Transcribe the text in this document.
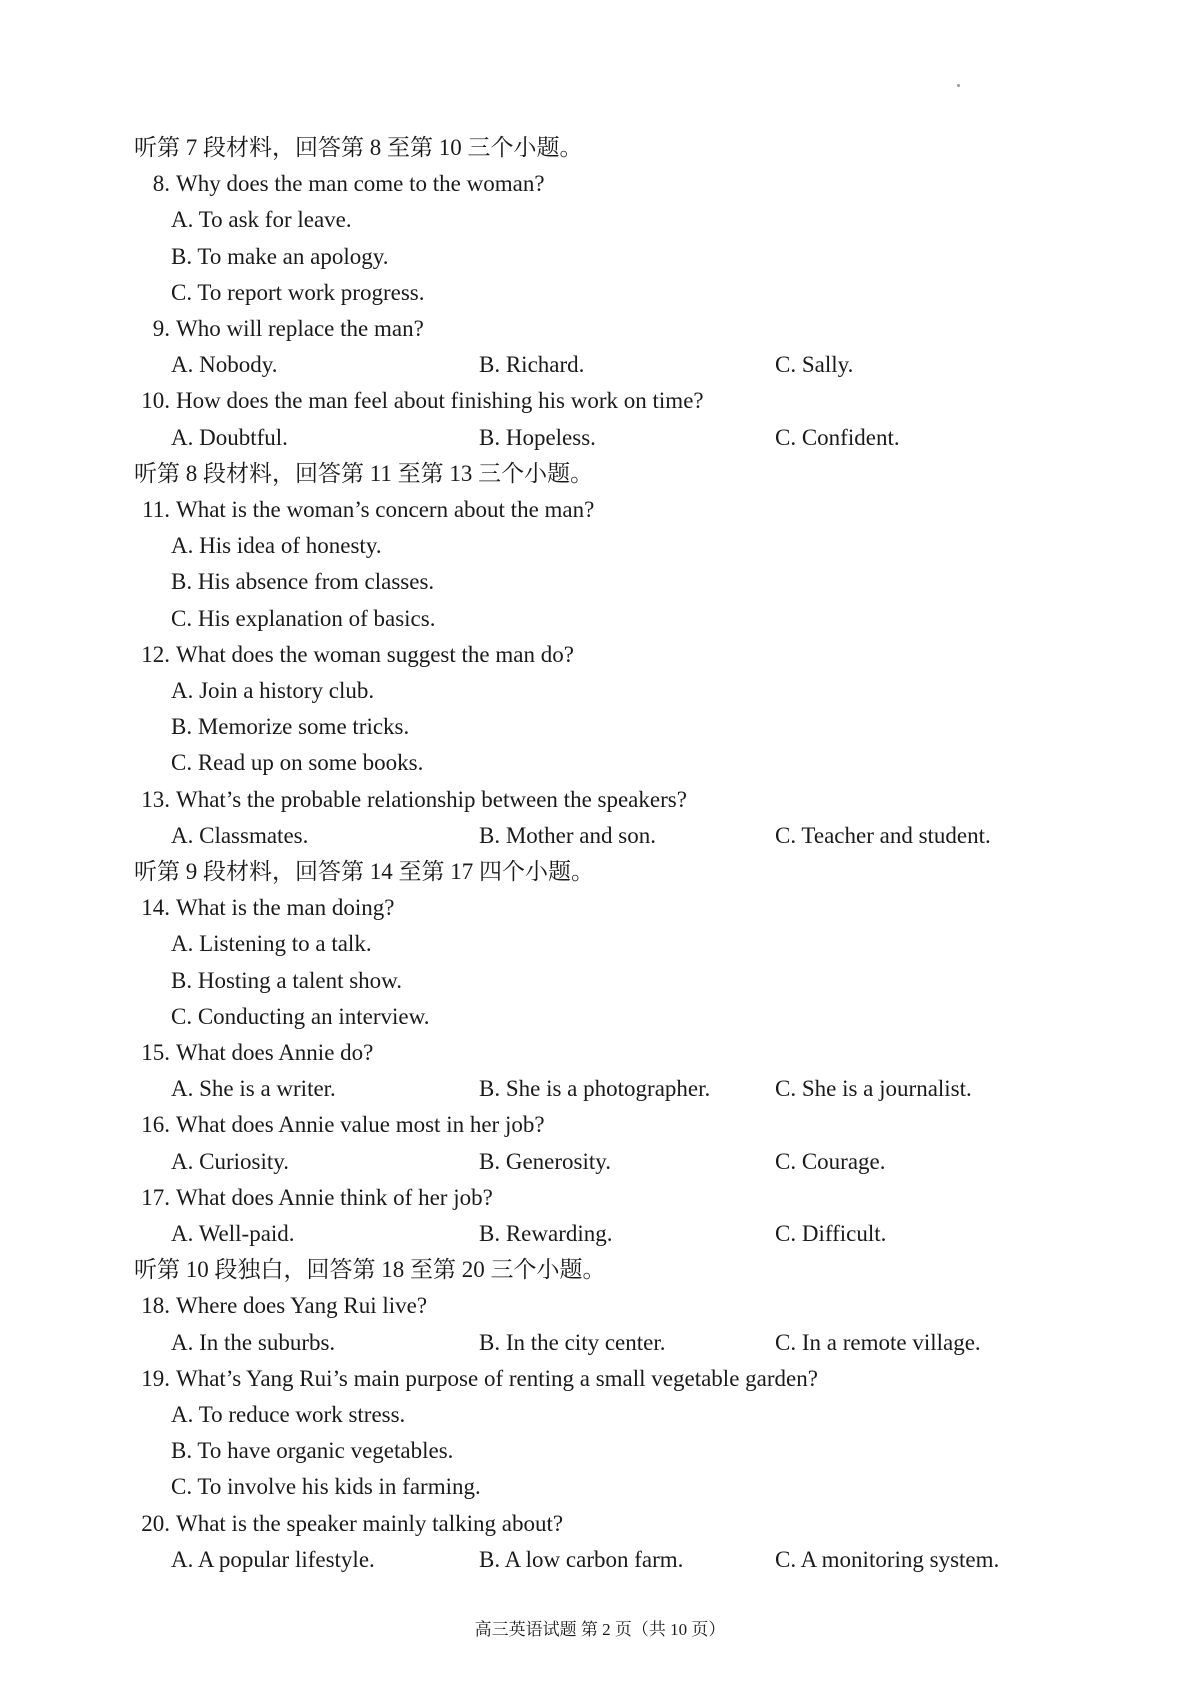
听第 7 段材料，回答第 8 至第 10 三个小题。
8. Why does the man come to the woman?
A. To ask for leave.
B. To make an apology.
C. To report work progress.
9. Who will replace the man?
A. Nobody.	B. Richard.	C. Sally.
10. How does the man feel about finishing his work on time?
A. Doubtful.	B. Hopeless.	C. Confident.
听第 8 段材料，回答第 11 至第 13 三个小题。
11. What is the woman’s concern about the man?
A. His idea of honesty.
B. His absence from classes.
C. His explanation of basics.
12. What does the woman suggest the man do?
A. Join a history club.
B. Memorize some tricks.
C. Read up on some books.
13. What’s the probable relationship between the speakers?
A. Classmates.	B. Mother and son.	C. Teacher and student.
听第 9 段材料，回答第 14 至第 17 四个小题。
14. What is the man doing?
A. Listening to a talk.
B. Hosting a talent show.
C. Conducting an interview.
15. What does Annie do?
A. She is a writer.	B. She is a photographer.	C. She is a journalist.
16. What does Annie value most in her job?
A. Curiosity.	B. Generosity.	C. Courage.
17. What does Annie think of her job?
A. Well-paid.	B. Rewarding.	C. Difficult.
听第 10 段独白，回答第 18 至第 20 三个小题。
18. Where does Yang Rui live?
A. In the suburbs.	B. In the city center.	C. In a remote village.
19. What’s Yang Rui’s main purpose of renting a small vegetable garden?
A. To reduce work stress.
B. To have organic vegetables.
C. To involve his kids in farming.
20. What is the speaker mainly talking about?
A. A popular lifestyle.	B. A low carbon farm.	C. A monitoring system.
高三英语试题 第 2 页（共 10 页）
